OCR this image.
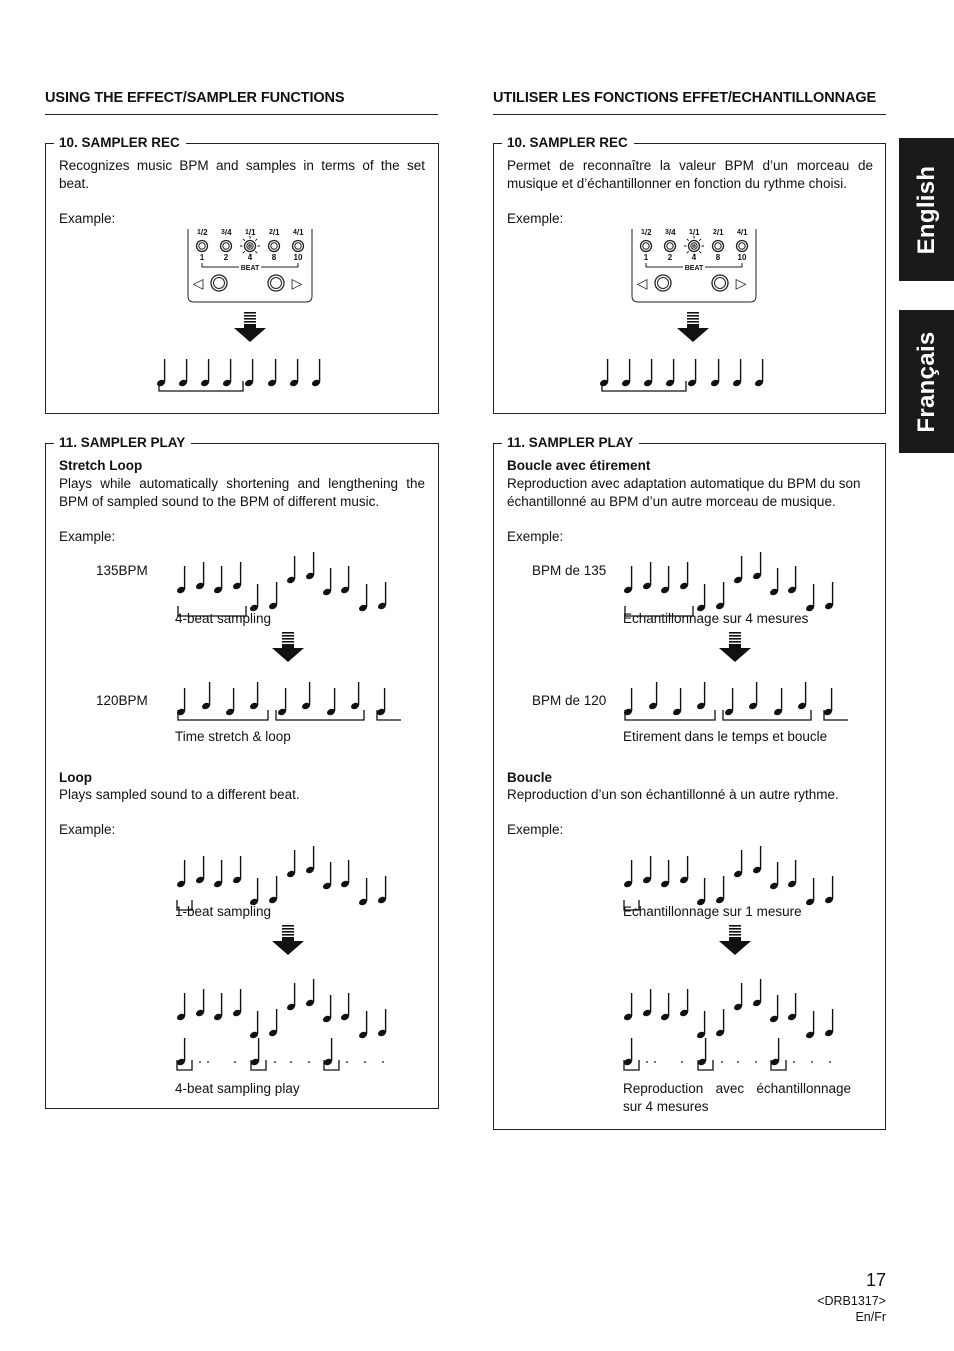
English
Français
USING THE EFFECT/SAMPLER FUNCTIONS
10. SAMPLER REC
Recognizes music BPM and samples in terms of the set beat.
Example:
1/2
1
3/4
2
1/1
4
2/1
8
4/1
10
BEAT
◁	▷
11. SAMPLER PLAY
Stretch Loop
Plays while automatically shortening and lengthening the BPM of sampled sound to the BPM of different music.
Example:
135BPM
4-beat sampling
120BPM
Time stretch & loop
Loop
Plays sampled sound to a different beat.
Example:
1-beat sampling
4-beat sampling play
UTILISER LES FONCTIONS EFFET/ECHANTILLONNAGE
10. SAMPLER REC
Permet de reconnaître la valeur BPM d’un morceau de musique et d’échantillonner en fonction du rythme choisi.
Exemple:
1/2
1
3/4
2
1/1
4
2/1
8
4/1
10
BEAT
◁	▷
11. SAMPLER PLAY
Boucle avec étirement
Reproduction avec adaptation automatique du BPM du son échantillonné au BPM d’un autre morceau de musique.
Exemple:
BPM de 135
Echantillonnage sur 4 mesures
BPM de 120
Etirement dans le temps et boucle
Boucle
Reproduction d’un son échantillonné à un autre rythme.
Exemple:
Echantillonnage sur 1 mesure
Reproduction avec échantillonnage sur 4 mesures
17
<DRB1317>
En/Fr
